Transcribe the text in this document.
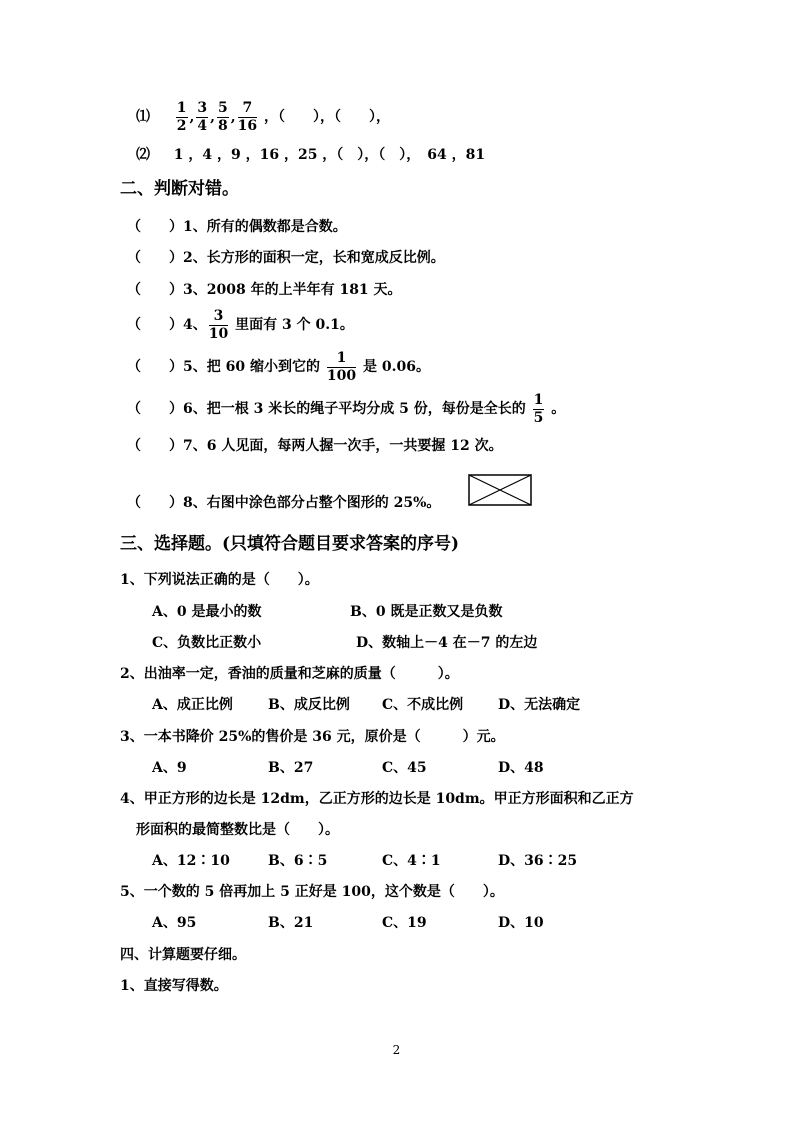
⑴ $\frac{1}{2}$ , $\frac{3}{4}$ , $\frac{5}{8}$ , $\frac{7}{16}$ ，（　　），（　　），
⑵ 1 ，4 ，9 ，16 ，25 ，（　），（　），　64 ，81
二、判断对错。
（　　）1、所有的偶数都是合数。
（　　）2、长方形的面积一定，长和宽成反比例。
（　　）3、2008 年的上半年有 181 天。
（　　）4、 $\frac{3}{10}$ 里面有 3 个 0.1。
（　　）5、把 60 缩小到它的 $\frac{1}{100}$ 是 0.06。
（　　）6、把一根 3 米长的绳子平均分成 5 份，每份是全长的 $\frac{1}{5}$ 。
（　　）7、6 人见面，每两人握一次手，一共要握 12 次。
（　　）8、右图中涂色部分占整个图形的 25%。
三、选择题。(只填符合题目要求答案的序号)
1、下列说法正确的是（　　）。
A、0 是最小的数	B、0 既是正数又是负数
C、负数比正数小	D、数轴上－4 在－7 的左边
2、出油率一定，香油的质量和芝麻的质量（　　　）。
A、成正比例	B、成反比例 C、不成比例 D、无法确定
3、一本书降价 25%的售价是 36 元，原价是（　　　）元。
A、9	B、27	C、45	D、48
4、甲正方形的边长是 12dm，乙正方形的边长是 10dm。甲正方形面积和乙正方
形面积的最简整数比是（　　）。
A、12∶10	B、6∶5	C、4∶1	D、36∶25
5、一个数的 5 倍再加上 5 正好是 100，这个数是（　　）。
A、95	B、21	C、19	D、10
四、计算题要仔细。
1、直接写得数。
2
